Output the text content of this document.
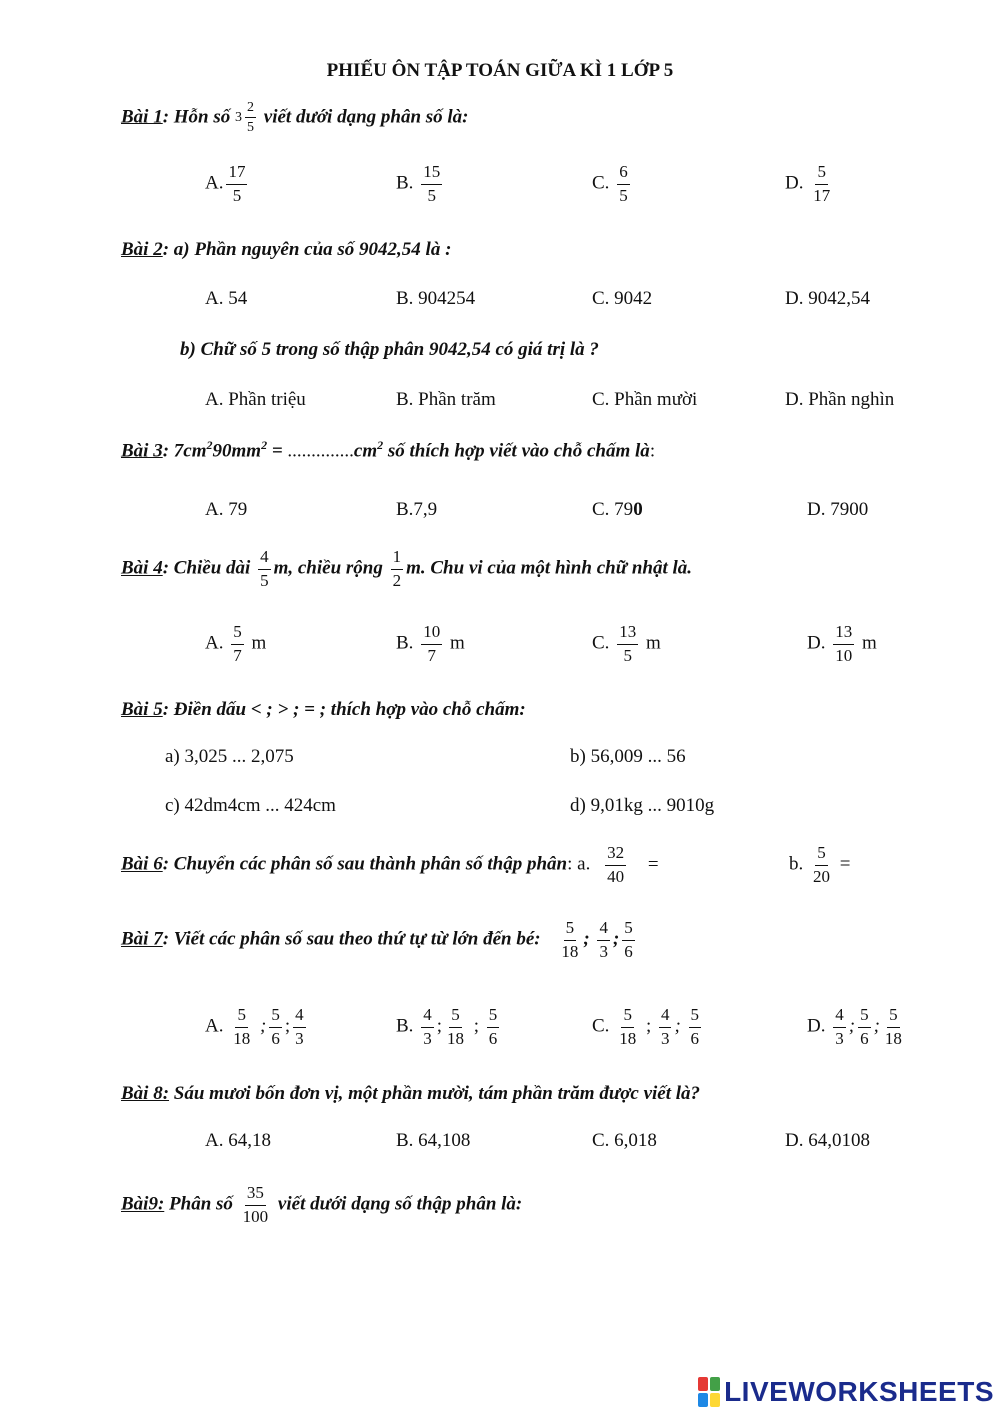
PHIẾU ÔN TẬP TOÁN GIỮA KÌ 1 LỚP 5
Bài 1: Hỗn số $3 \frac{2}{5}$ viết dưới dạng phân số là:
A. $\frac{17}{5}$	B. $\frac{15}{5}$	C. $\frac{6}{5}$	D. $\frac{5}{17}$
Bài 2: a) Phần nguyên của số 9042,54 là :
A. 54	B. 904254	C. 9042	D. 9042,54
b) Chữ số 5 trong số thập phân 9042,54 có giá trị là ?
A. Phần triệu	B. Phần trăm	C. Phần mười	D. Phần nghìn
Bài 3: $7cm^290mm^2 = ..............cm^2$ số thích hợp viết vào chỗ chấm là:
A. 79	B.7,9	C. 790	D. 7900
Bài 4: Chiều dài $\frac{4}{5} m$, chiều rộng $\frac{1}{2} m$. Chu vi của một hình chữ nhật là.
A. $\frac{5}{7}$ m	B. $\frac{10}{7}$ m	C. $\frac{13}{5}$ m	D. $\frac{13}{10}$ m
Bài 5: Điền dấu < ; > ; = ; thích hợp vào chỗ chấm:
a) 3,025 ... 2,075	b) 56,009 ... 56
c) 42dm4cm ... 424cm	d) 9,01kg ... 9010g
Bài 6: Chuyển các phân số sau thành phân số thập phân: a. $\frac{32}{40}$ =	b. $\frac{5}{20}$ =
Bài 7: Viết các phân số sau theo thứ tự từ lớn đến bé: $\frac{5}{18}$ ; $\frac{4}{3}$ ; $\frac{5}{6}$
A. $\frac{5}{18}$ ; $\frac{5}{6}$ ; $\frac{4}{3}$	B. $\frac{4}{3}$ ; $\frac{5}{18}$ ; $\frac{5}{6}$	C. $\frac{5}{18}$ ; $\frac{4}{3}$ ; $\frac{5}{6}$	D. $\frac{4}{3}$ ; $\frac{5}{6}$ ; $\frac{5}{18}$
Bài 8: Sáu mươi bốn đơn vị, một phần mười, tám phần trăm được viết là?
A. 64,18	B. 64,108	C. 6,018	D. 64,0108
Bài9: Phân số $\frac{35}{100}$ viết dưới dạng số thập phân là:
LIVEWORKSHEETS
